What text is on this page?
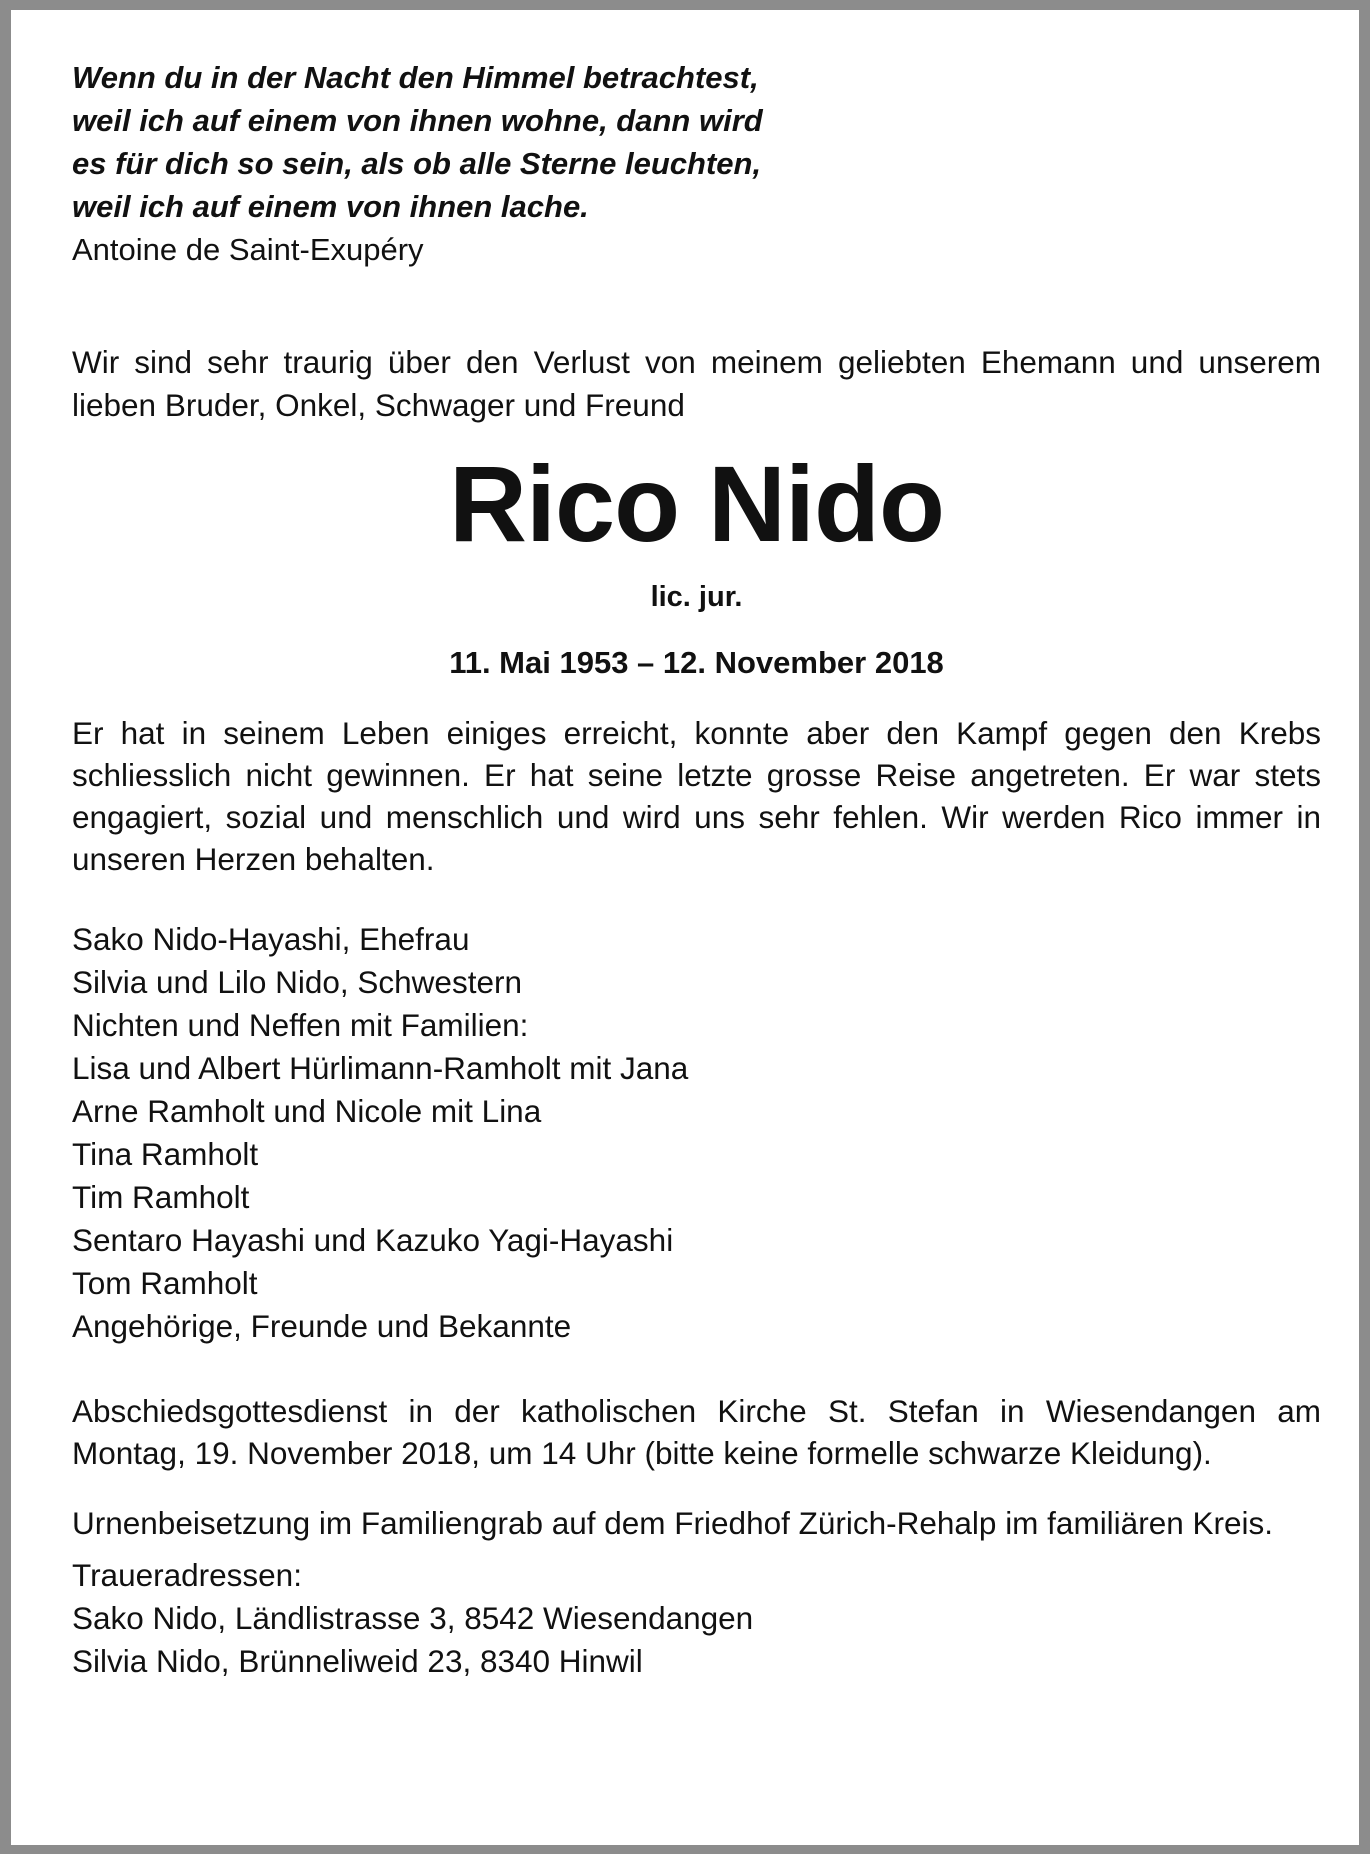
Wenn du in der Nacht den Himmel betrachtest,
weil ich auf einem von ihnen wohne, dann wird
es für dich so sein, als ob alle Sterne leuchten,
weil ich auf einem von ihnen lache.
Antoine de Saint-Exupéry

Wir sind sehr traurig über den Verlust von meinem geliebten Ehemann und unserem lieben Bruder, Onkel, Schwager und Freund

Rico Nido
lic. jur.
11. Mai 1953 – 12. November 2018

Er hat in seinem Leben einiges erreicht, konnte aber den Kampf gegen den Krebs schliesslich nicht gewinnen. Er hat seine letzte grosse Reise angetreten. Er war stets engagiert, sozial und menschlich und wird uns sehr fehlen. Wir werden Rico immer in unseren Herzen behalten.

Sako Nido-Hayashi, Ehefrau
Silvia und Lilo Nido, Schwestern
Nichten und Neffen mit Familien:
Lisa und Albert Hürlimann-Ramholt mit Jana
Arne Ramholt und Nicole mit Lina
Tina Ramholt
Tim Ramholt
Sentaro Hayashi und Kazuko Yagi-Hayashi
Tom Ramholt
Angehörige, Freunde und Bekannte

Abschiedsgottesdienst in der katholischen Kirche St. Stefan in Wiesendangen am Montag, 19. November 2018, um 14 Uhr (bitte keine formelle schwarze Kleidung).

Urnenbeisetzung im Familiengrab auf dem Friedhof Zürich-Rehalp im familiären Kreis.

Traueradressen:
Sako Nido, Ländlistrasse 3, 8542 Wiesendangen
Silvia Nido, Brünneliweid 23, 8340 Hinwil
